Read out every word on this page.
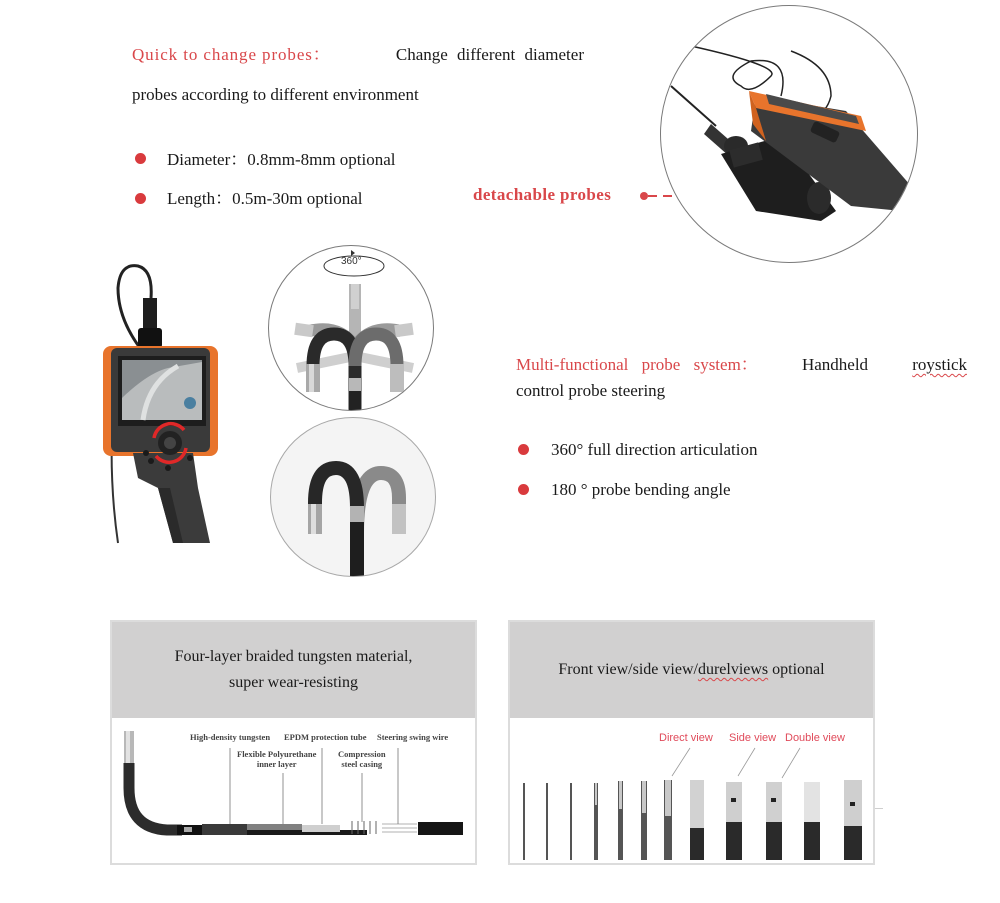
Quick to change probes：	Change different diameter
probes according to different environment
Diameter：0.8mm-8mm optional
Length：0.5m-30m optional	detachable probes
360°
Multi-functional probe system：	Handheld	roystick
control probe steering
360° full direction articulation
180 ° probe bending angle
Four-layer braided tungsten material,
super wear-resisting
High-density tungsten EPDM protection tube Steering swing wire
Flexible Polyurethane
inner layer
Compression
steel casing
Front view/side view/durelviews optional
Direct view Side view Double view
